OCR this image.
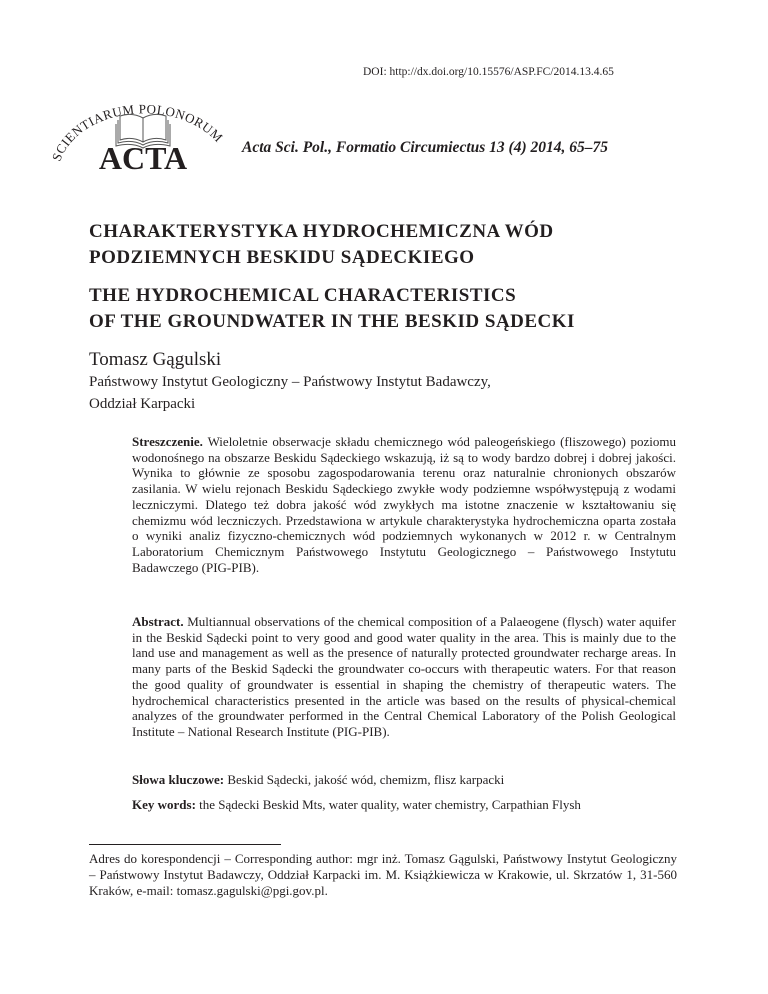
SCIENTIARUM POLONORUM
ACTA
DOI: http://dx.doi.org/10.15576/ASP.FC/2014.13.4.65
Acta Sci. Pol., Formatio Circumiectus 13 (4) 2014, 65–75
CHARAKTERYSTYKA HYDROCHEMICZNA WÓD
PODZIEMNYCH BESKIDU SĄDECKIEGO
THE HYDROCHEMICAL CHARACTERISTICS
OF THE GROUNDWATER IN THE BESKID SĄDECKI
Tomasz Gągulski
Państwowy Instytut Geologiczny – Państwowy Instytut Badawczy,
Oddział Karpacki
Streszczenie. Wieloletnie obserwacje składu chemicznego wód paleogeńskiego (fliszowego) poziomu wodonośnego na obszarze Beskidu Sądeckiego wskazują, iż są to wody bardzo dobrej i dobrej jakości. Wynika to głównie ze sposobu zagospodarowania terenu oraz naturalnie chronionych obszarów zasilania. W wielu rejonach Beskidu Sądeckiego zwykłe wody podziemne współwystępują z wodami leczniczymi. Dlatego też dobra jakość wód zwykłych ma istotne znaczenie w kształtowaniu się chemizmu wód leczniczych. Przedstawiona w artykule charakterystyka hydrochemiczna oparta została o wyniki analiz fizyczno-chemicznych wód podziemnych wykonanych w 2012 r. w Centralnym Laboratorium Chemicznym Państwowego Instytutu Geologicznego – Państwowego Instytutu Badawczego (PIG-PIB).
Abstract. Multiannual observations of the chemical composition of a Palaeogene (flysch) water aquifer in the Beskid Sądecki point to very good and good water quality in the area. This is mainly due to the land use and management as well as the presence of naturally protected groundwater recharge areas. In many parts of the Beskid Sądecki the groundwater co-occurs with therapeutic waters. For that reason the good quality of groundwater is essential in shaping the chemistry of therapeutic waters. The hydrochemical characteristics presented in the article was based on the results of physical-chemical analyzes of the groundwater performed in the Central Chemical Laboratory of the Polish Geological Institute – National Research Institute (PIG-PIB).
Słowa kluczowe: Beskid Sądecki, jakość wód, chemizm, flisz karpacki
Key words: the Sądecki Beskid Mts, water quality, water chemistry, Carpathian Flysh
Adres do korespondencji – Corresponding author: mgr inż. Tomasz Gągulski, Państwowy Instytut Geologiczny – Państwowy Instytut Badawczy, Oddział Karpacki im. M. Książkiewicza w Krakowie, ul. Skrzatów 1, 31-560 Kraków, e-mail: tomasz.gagulski@pgi.gov.pl.
